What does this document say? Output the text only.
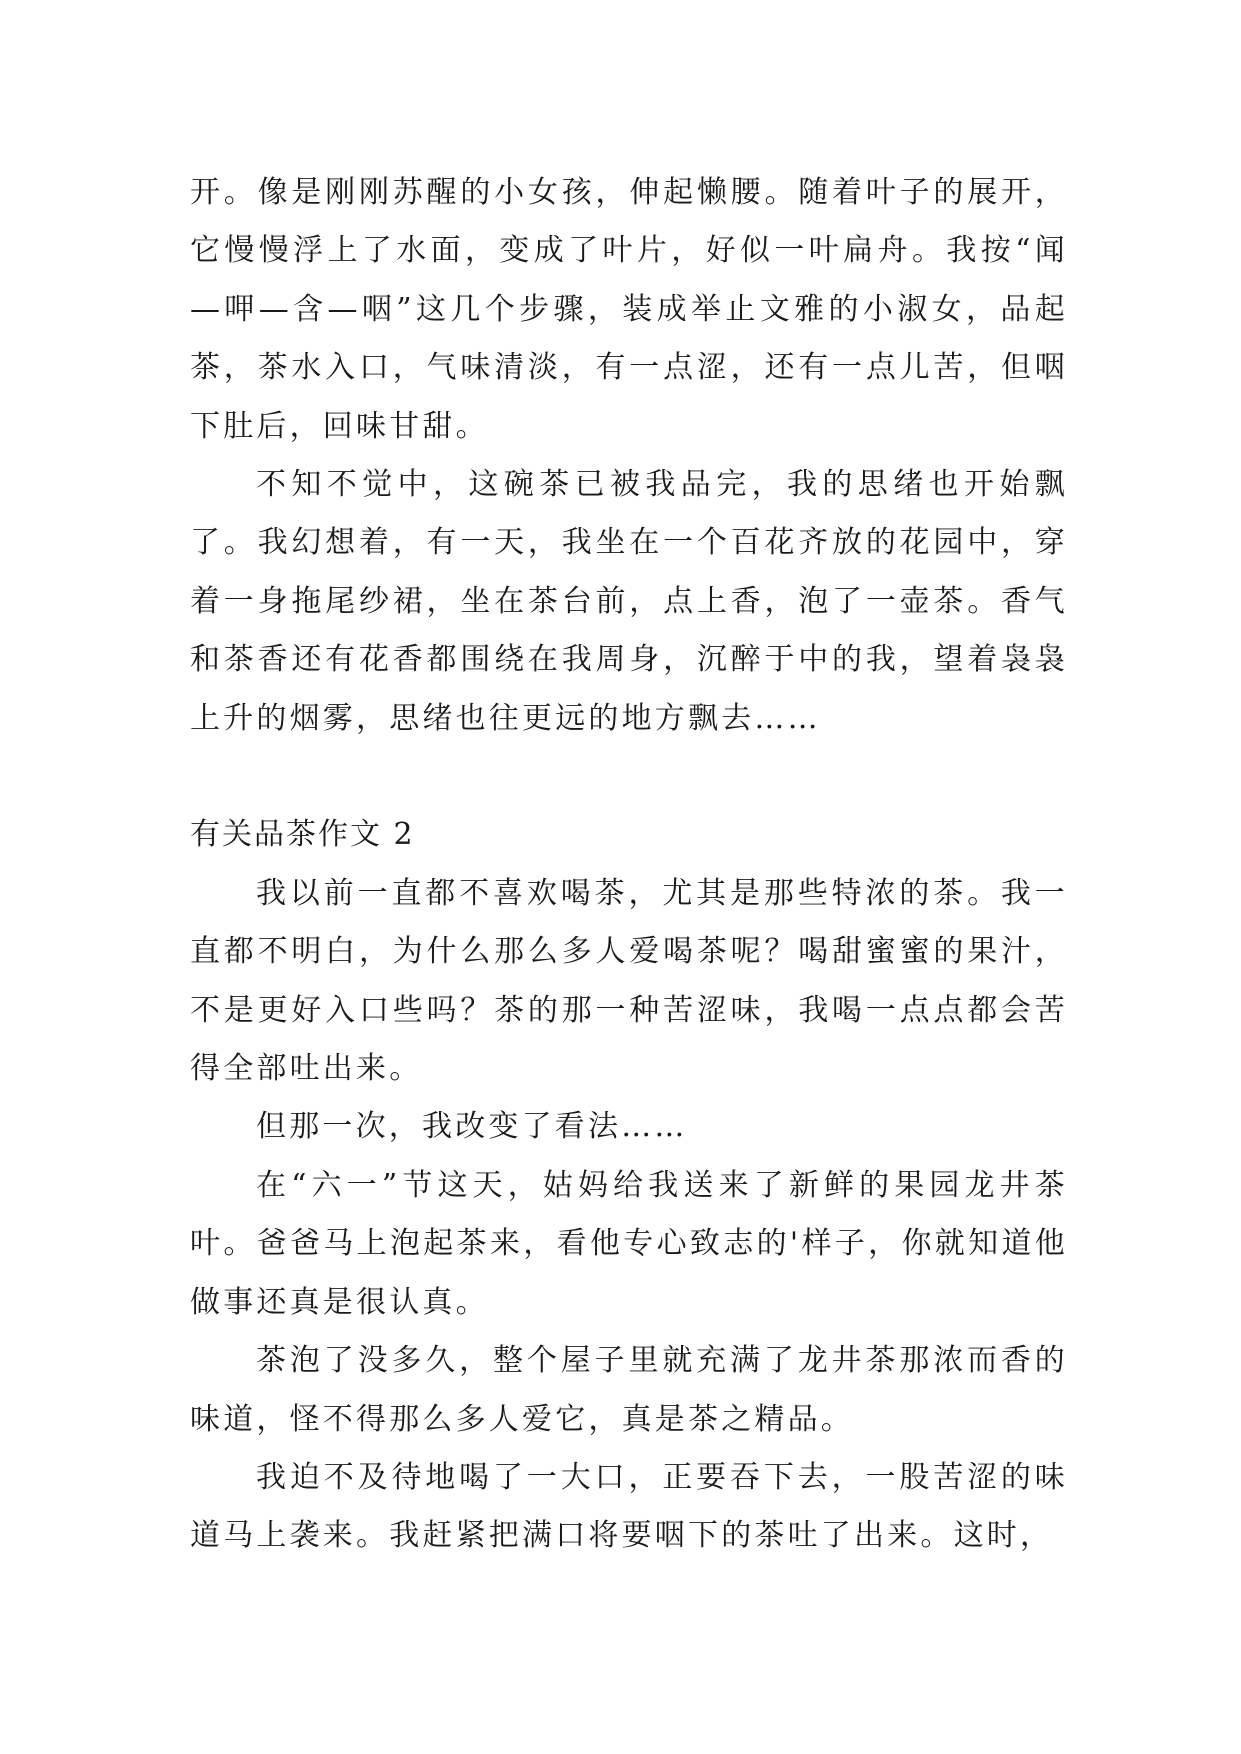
开。像是刚刚苏醒的小女孩，伸起懒腰。随着叶子的展开，它慢慢浮上了水面，变成了叶片，好似一叶扁舟。我按“闻—呷—含—咽”这几个步骤，装成举止文雅的小淑女，品起茶，茶水入口，气味清淡，有一点涩，还有一点儿苦，但咽下肚后，回味甘甜。

不知不觉中，这碗茶已被我品完，我的思绪也开始飘了。我幻想着，有一天，我坐在一个百花齐放的花园中，穿着一身拖尾纱裙，坐在茶台前，点上香，泡了一壶茶。香气和茶香还有花香都围绕在我周身，沉醉于中的我，望着袅袅上升的烟雾，思绪也往更远的地方飘去……

有关品茶作文 2

我以前一直都不喜欢喝茶，尤其是那些特浓的茶。我一直都不明白，为什么那么多人爱喝茶呢？喝甜蜜蜜的果汁，不是更好入口些吗？茶的那一种苦涩味，我喝一点点都会苦得全部吐出来。

但那一次，我改变了看法……

在“六一”节这天，姑妈给我送来了新鲜的果园龙井茶叶。爸爸马上泡起茶来，看他专心致志的'样子，你就知道他做事还真是很认真。

茶泡了没多久，整个屋子里就充满了龙井茶那浓而香的味道，怪不得那么多人爱它，真是茶之精品。

我迫不及待地喝了一大口，正要吞下去，一股苦涩的味道马上袭来。我赶紧把满口将要咽下的茶吐了出来。这时，
